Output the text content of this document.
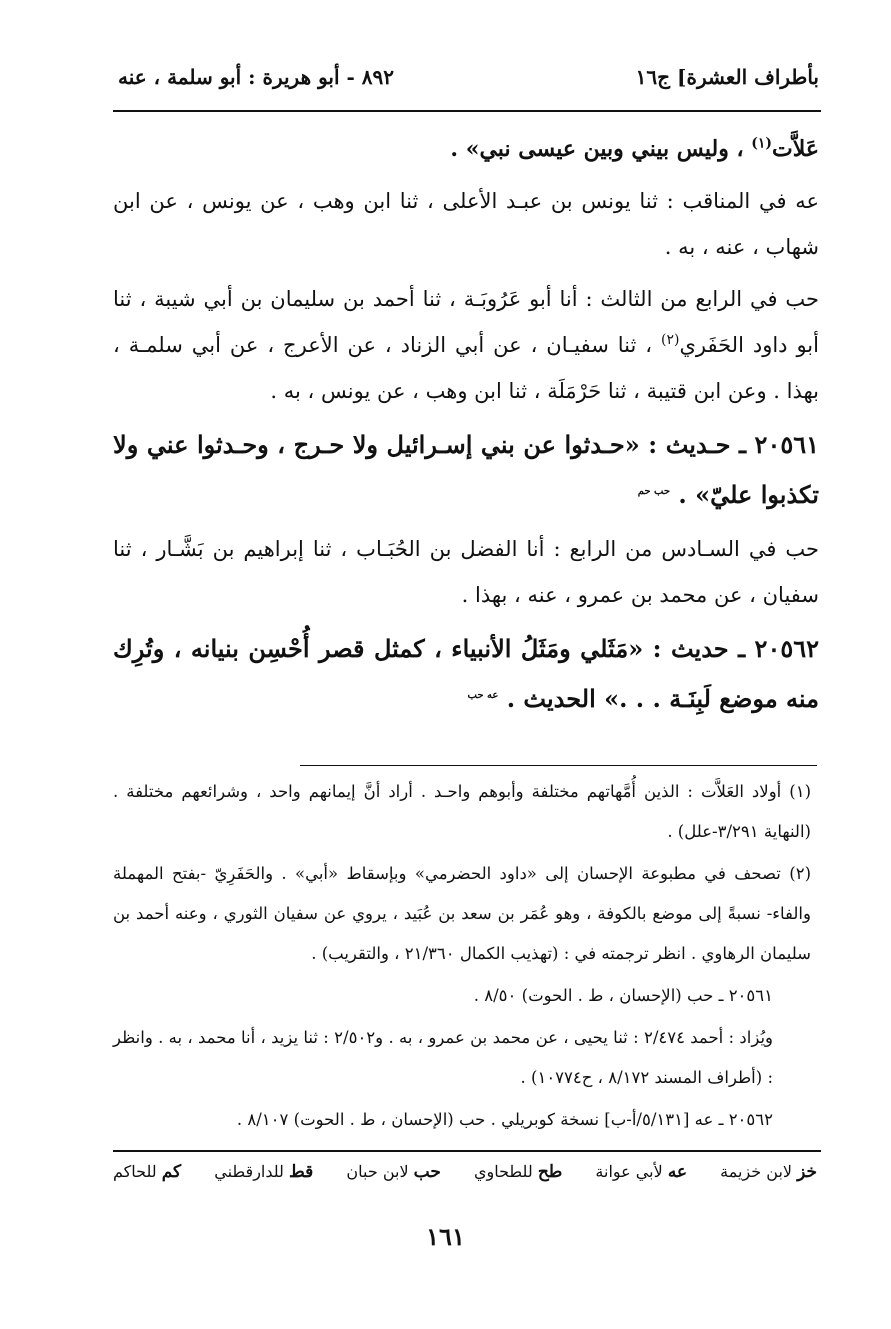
بأطراف العشرة] ج١٦
٨٩٢ - أبو هريرة : أبو سلمة ، عنه

عَلاَّت$^{(١)}$ ، وليس بيني وبين عيسى نبي» .

عه في المناقب : ثنا يونس بن عبـد الأعلى ، ثنا ابن وهب ، عن يونس ، عن ابن شهاب ، عنه ، به .

حب في الرابع من الثالث : أنا أبو عَرُوبَـة ، ثنا أحمد بن سليمان بن أبي شيبة ، ثنا أبو داود الحَفَري$^{(٢)}$ ، ثنا سفيـان ، عن أبي الزناد ، عن الأعرج ، عن أبي سلمـة ، بهذا . وعن ابن قتيبة ، ثنا حَرْمَلَة ، ثنا ابن وهب ، عن يونس ، به .

٢٠٥٦١ ـ حـديث : «حـدثوا عن بني إسـرائيل ولا حـرج ، وحـدثوا عني ولا تكذبوا عليّ» . $^{حب حم}$

حب في السـادس من الرابع : أنا الفضل بن الحُبَـاب ، ثنا إبراهيم بن بَشَّـار ، ثنا سفيان ، عن محمد بن عمرو ، عنه ، بهذا .

٢٠٥٦٢ ـ حديث : «مَثَلي ومَثَلُ الأنبياء ، كمثل قصر أُحْسِن بنيانه ، وتُرِك منه موضع لَبِنَـة . . .» الحديث . $^{عه حب}$

(١) أولاد العَلاَّت : الذين أُمَّهاتهم مختلفة وأبوهم واحـد . أراد أنَّ إيمانهم واحد ، وشرائعهم مختلفة . (النهاية ٣/٢٩١-علل) .

(٢) تصحف في مطبوعة الإحسان إلى «داود الحضرمي» وبإسقاط «أبي» . والحَفَرِيّ -بفتح المهملة والفاء- نسبةً إلى موضع بالكوفة ، وهو عُمَر بن سعد بن عُبَيد ، يروي عن سفيان الثوري ، وعنه أحمد بن سليمان الرهاوي . انظر ترجمته في : (تهذيب الكمال ٢١/٣٦٠ ، والتقريب) .

٢٠٥٦١ ـ حب (الإحسان ، ط . الحوت) ٨/٥٠ .

ويُزاد : أحمد ٢/٤٧٤ : ثنا يحيى ، عن محمد بن عمرو ، به . و٢/٥٠٢ : ثنا يزيد ، أنا محمد ، به . وانظر : (أطراف المسند ٨/١٧٢ ، ح١٠٧٧٤) .

٢٠٥٦٢ ـ عه [٥/١٣١/أ-ب] نسخة كوبريلي . حب (الإحسان ، ط . الحوت) ٨/١٠٧ .

خز لابن خزيمة
عه لأبي عوانة
طح للطحاوي
حب لابن حبان
قط للدارقطني
كم للحاكم
١٦١
